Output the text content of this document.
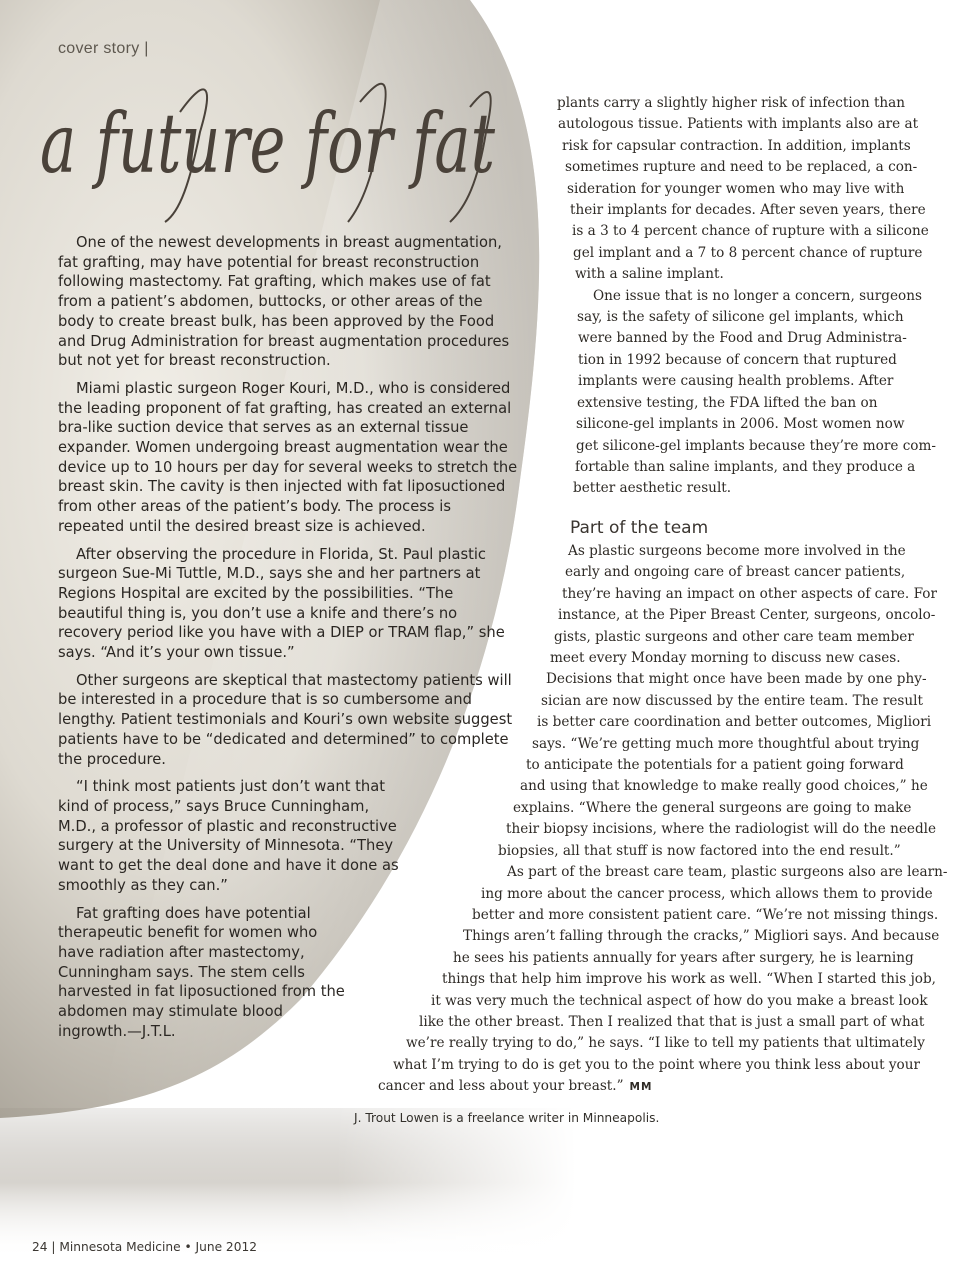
cover story |
a future for fat

One of the newest developments in breast augmentation, fat grafting, may have potential for breast reconstruction following mastectomy. Fat grafting, which makes use of fat from a patient’s abdomen, buttocks, or other areas of the body to create breast bulk, has been approved by the Food and Drug Administration for breast augmentation procedures but not yet for breast reconstruction.

Miami plastic surgeon Roger Kouri, M.D., who is considered the leading proponent of fat grafting, has created an external bra-like suction device that serves as an external tissue expander. Women undergoing breast augmentation wear the device up to 10 hours per day for several weeks to stretch the breast skin. The cavity is then injected with fat liposuctioned from other areas of the patient’s body. The process is repeated until the desired breast size is achieved.

After observing the procedure in Florida, St. Paul plastic surgeon Sue-Mi Tuttle, M.D., says she and her partners at Regions Hospital are excited by the possibilities. “The beautiful thing is, you don’t use a knife and there’s no recovery period like you have with a DIEP or TRAM flap,” she says. “And it’s your own tissue.”

Other surgeons are skeptical that mastectomy patients will be interested in a procedure that is so cumbersome and lengthy. Patient testimonials and Kouri’s own website suggest patients have to be “dedicated and determined” to complete the procedure.

“I think most patients just don’t want that kind of process,” says Bruce Cunningham, M.D., a professor of plastic and reconstructive surgery at the University of Minnesota. “They want to get the deal done and have it done as smoothly as they can.”

Fat grafting does have potential therapeutic benefit for women who have radiation after mastectomy, Cunningham says. The stem cells harvested in fat liposuctioned from the abdomen may stimulate blood ingrowth.—J.T.L.

plants carry a slightly higher risk of infection than
autologous tissue. Patients with implants also are at
risk for capsular contraction. In addition, implants
sometimes rupture and need to be replaced, a con-
sideration for younger women who may live with
their implants for decades. After seven years, there
is a 3 to 4 percent chance of rupture with a silicone
gel implant and a 7 to 8 percent chance of rupture
with a saline implant.
One issue that is no longer a concern, surgeons
say, is the safety of silicone gel implants, which
were banned by the Food and Drug Administra-
tion in 1992 because of concern that ruptured
implants were causing health problems. After
extensive testing, the FDA lifted the ban on
silicone-gel implants in 2006. Most women now
get silicone-gel implants because they’re more com-
fortable than saline implants, and they produce a
better aesthetic result.
Part of the team
As plastic surgeons become more involved in the
early and ongoing care of breast cancer patients,
they’re having an impact on other aspects of care. For
instance, at the Piper Breast Center, surgeons, oncolo-
gists, plastic surgeons and other care team member
meet every Monday morning to discuss new cases.
Decisions that might once have been made by one phy-
sician are now discussed by the entire team. The result
is better care coordination and better outcomes, Migliori
says. “We’re getting much more thoughtful about trying
to anticipate the potentials for a patient going forward
and using that knowledge to make really good choices,” he
explains. “Where the general surgeons are going to make
their biopsy incisions, where the radiologist will do the needle
biopsies, all that stuff is now factored into the end result.”
As part of the breast care team, plastic surgeons also are learn-
ing more about the cancer process, which allows them to provide
better and more consistent patient care. “We’re not missing things.
Things aren’t falling through the cracks,” Migliori says. And because
he sees his patients annually for years after surgery, he is learning
things that help him improve his work as well. “When I started this job,
it was very much the technical aspect of how do you make a breast look
like the other breast. Then I realized that that is just a small part of what
we’re really trying to do,” he says. “I like to tell my patients that ultimately
what I’m trying to do is get you to the point where you think less about your
cancer and less about your breast.” MM
J. Trout Lowen is a freelance writer in Minneapolis.
24 | Minnesota Medicine • June 2012
